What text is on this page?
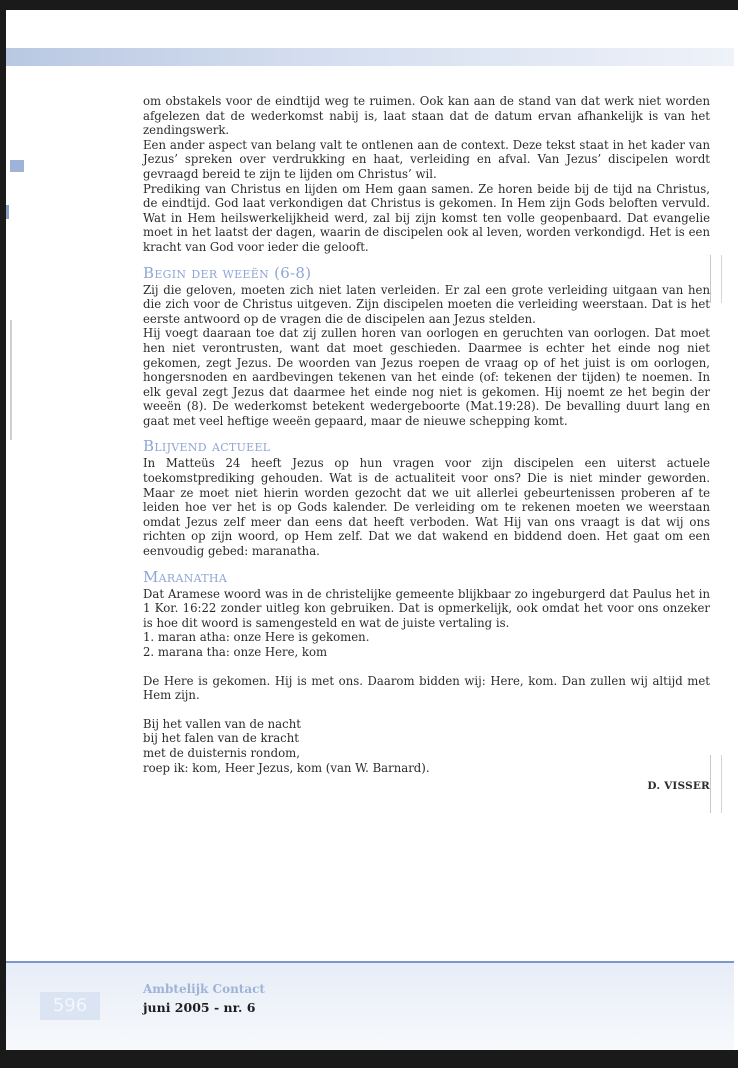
om obstakels voor de eindtijd weg te ruimen. Ook kan aan de stand van dat werk niet worden afgelezen dat de wederkomst nabij is, laat staan dat de datum ervan afhankelijk is van het zendingswerk.

Een ander aspect van belang valt te ontlenen aan de context. Deze tekst staat in het kader van Jezus’ spreken over verdrukking en haat, verleiding en afval. Van Jezus’ discipelen wordt gevraagd bereid te zijn te lijden om Christus’ wil.

Prediking van Christus en lijden om Hem gaan samen. Ze horen beide bij de tijd na Christus, de eindtijd. God laat verkondigen dat Christus is gekomen. In Hem zijn Gods beloften vervuld. Wat in Hem heilswerkelijkheid werd, zal bij zijn komst ten volle geopenbaard. Dat evangelie moet in het laatst der dagen, waarin de discipelen ook al leven, worden verkondigd. Het is een kracht van God voor ieder die gelooft.

Begin der weeën (6-8)

Zij die geloven, moeten zich niet laten verleiden. Er zal een grote verleiding uitgaan van hen die zich voor de Christus uitgeven. Zijn discipelen moeten die verleiding weerstaan. Dat is het eerste antwoord op de vragen die de discipelen aan Jezus stelden.

Hij voegt daaraan toe dat zij zullen horen van oorlogen en geruchten van oorlogen. Dat moet hen niet verontrusten, want dat moet geschieden. Daarmee is echter het einde nog niet gekomen, zegt Jezus. De woorden van Jezus roepen de vraag op of het juist is om oorlogen, hongersnoden en aardbevingen tekenen van het einde (of: tekenen der tijden) te noemen. In elk geval zegt Jezus dat daarmee het einde nog niet is gekomen. Hij noemt ze het begin der weeën (8). De wederkomst betekent wedergeboorte (Mat.19:28). De bevalling duurt lang en gaat met veel heftige weeën gepaard, maar de nieuwe schepping komt.

Blijvend actueel

In Matteüs 24 heeft Jezus op hun vragen voor zijn discipelen een uiterst actuele toekomstprediking gehouden. Wat is de actualiteit voor ons? Die is niet minder geworden. Maar ze moet niet hierin worden gezocht dat we uit allerlei gebeurtenissen proberen af te leiden hoe ver het is op Gods kalender. De verleiding om te rekenen moeten we weerstaan omdat Jezus zelf meer dan eens dat heeft verboden. Wat Hij van ons vraagt is dat wij ons richten op zijn woord, op Hem zelf. Dat we dat wakend en biddend doen. Het gaat om een eenvoudig gebed: maranatha.

Maranatha

Dat Aramese woord was in de christelijke gemeente blijkbaar zo ingeburgerd dat Paulus het in 1 Kor. 16:22 zonder uitleg kon gebruiken. Dat is opmerkelijk, ook omdat het voor ons onzeker is hoe dit woord is samengesteld en wat de juiste vertaling is.

1. maran atha: onze Here is gekomen.

2. marana tha: onze Here, kom

De Here is gekomen. Hij is met ons. Daarom bidden wij: Here, kom. Dan zullen wij altijd met Hem zijn.

Bij het vallen van de nacht

bij het falen van de kracht

met de duisternis rondom,

roep ik: kom, Heer Jezus, kom (van W. Barnard).

D. VISSER
596
Ambtelijk Contact
juni 2005 - nr. 6
